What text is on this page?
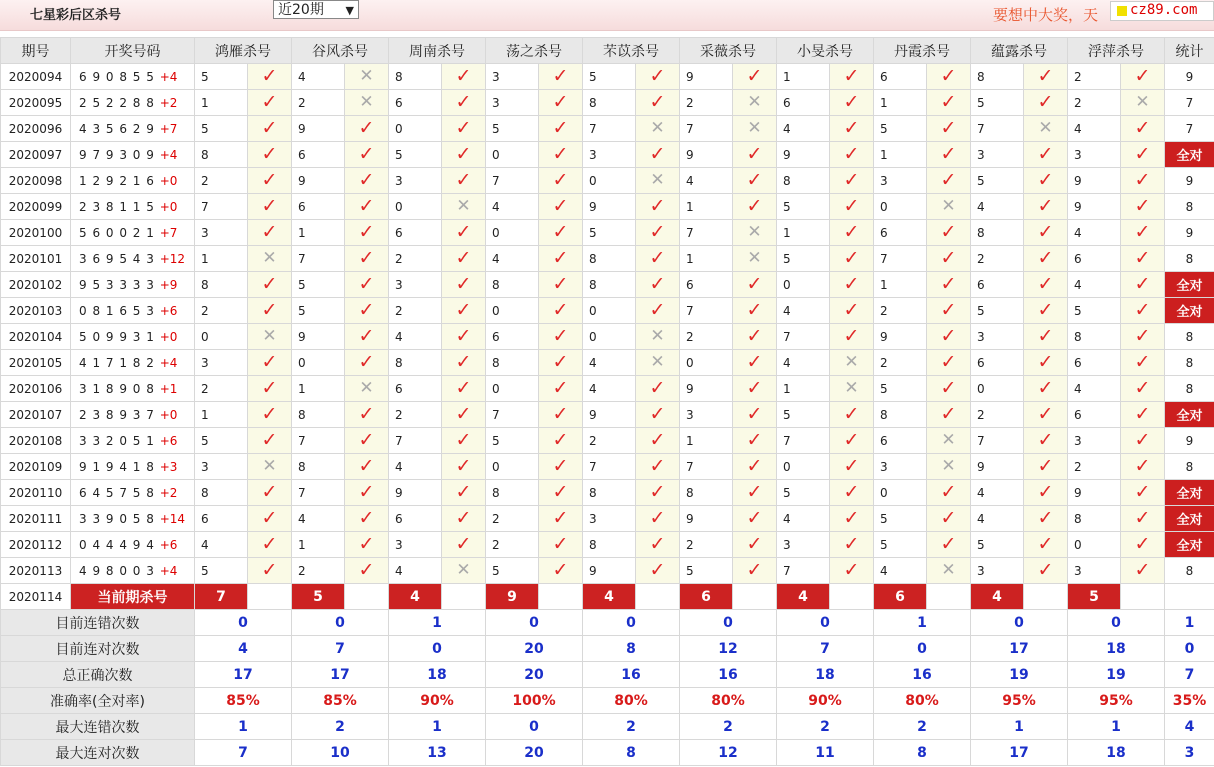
七星彩后区杀号	近20期 ▼	要想中大奖，天 cz89.com
期号	开奖号码	鸿雁杀号		谷风杀号		周南杀号		荡之杀号		芣苡杀号		采薇杀号		小旻杀号		丹霞杀号		蕴露杀号		浮萍杀号		统计
2020094	6 9 0 8 5 5 +4	5	✓	4	✕	8	✓	3	✓	5	✓	9	✓	1	✓	6	✓	8	✓	2	✓	9
2020095	2 5 2 2 8 8 +2	1	✓	2	✕	6	✓	3	✓	8	✓	2	✕	6	✓	1	✓	5	✓	2	✕	7
2020096	4 3 5 6 2 9 +7	5	✓	9	✓	0	✓	5	✓	7	✕	7	✕	4	✓	5	✓	7	✕	4	✓	7
2020097	9 7 9 3 0 9 +4	8	✓	6	✓	5	✓	0	✓	3	✓	9	✓	9	✓	1	✓	3	✓	3	✓	全对
2020098	1 2 9 2 1 6 +0	2	✓	9	✓	3	✓	7	✓	0	✕	4	✓	8	✓	3	✓	5	✓	9	✓	9
2020099	2 3 8 1 1 5 +0	7	✓	6	✓	0	✕	4	✓	9	✓	1	✓	5	✓	0	✕	4	✓	9	✓	8
2020100	5 6 0 0 2 1 +7	3	✓	1	✓	6	✓	0	✓	5	✓	7	✕	1	✓	6	✓	8	✓	4	✓	9
2020101	3 6 9 5 4 3 +12	1	✕	7	✓	2	✓	4	✓	8	✓	1	✕	5	✓	7	✓	2	✓	6	✓	8
2020102	9 5 3 3 3 3 +9	8	✓	5	✓	3	✓	8	✓	8	✓	6	✓	0	✓	1	✓	6	✓	4	✓	全对
2020103	0 8 1 6 5 3 +6	2	✓	5	✓	2	✓	0	✓	0	✓	7	✓	4	✓	2	✓	5	✓	5	✓	全对
2020104	5 0 9 9 3 1 +0	0	✕	9	✓	4	✓	6	✓	0	✕	2	✓	7	✓	9	✓	3	✓	8	✓	8
2020105	4 1 7 1 8 2 +4	3	✓	0	✓	8	✓	8	✓	4	✕	0	✓	4	✕	2	✓	6	✓	6	✓	8
2020106	3 1 8 9 0 8 +1	2	✓	1	✕	6	✓	0	✓	4	✓	9	✓	1	✕	5	✓	0	✓	4	✓	8
2020107	2 3 8 9 3 7 +0	1	✓	8	✓	2	✓	7	✓	9	✓	3	✓	5	✓	8	✓	2	✓	6	✓	全对
2020108	3 3 2 0 5 1 +6	5	✓	7	✓	7	✓	5	✓	2	✓	1	✓	7	✓	6	✕	7	✓	3	✓	9
2020109	9 1 9 4 1 8 +3	3	✕	8	✓	4	✓	0	✓	7	✓	7	✓	0	✓	3	✕	9	✓	2	✓	8
2020110	6 4 5 7 5 8 +2	8	✓	7	✓	9	✓	8	✓	8	✓	8	✓	5	✓	0	✓	4	✓	9	✓	全对
2020111	3 3 9 0 5 8 +14	6	✓	4	✓	6	✓	2	✓	3	✓	9	✓	4	✓	5	✓	4	✓	8	✓	全对
2020112	0 4 4 4 9 4 +6	4	✓	1	✓	3	✓	2	✓	8	✓	2	✓	3	✓	5	✓	5	✓	0	✓	全对
2020113	4 9 8 0 0 3 +4	5	✓	2	✓	4	✕	5	✓	9	✓	5	✓	7	✓	4	✕	3	✓	3	✓	8
2020114	当前期杀号	7		5		4		9		4		6		4		6		4		5		
目前连错次数		0		0		1		0		0		0		0		1		0		0		1
目前连对次数		4		7		0		20		8		12		7		0		17		18		0
总正确次数		17		17		18		20		16		16		18		16		19		19		7
准确率(全对率)		85%		85%		90%		100%		80%		80%		90%		80%		95%		95%		35%
最大连错次数		1		2		1		0		2		2		2		2		1		1		4
最大连对次数		7		10		13		20		8		12		11		8		17		18		3
